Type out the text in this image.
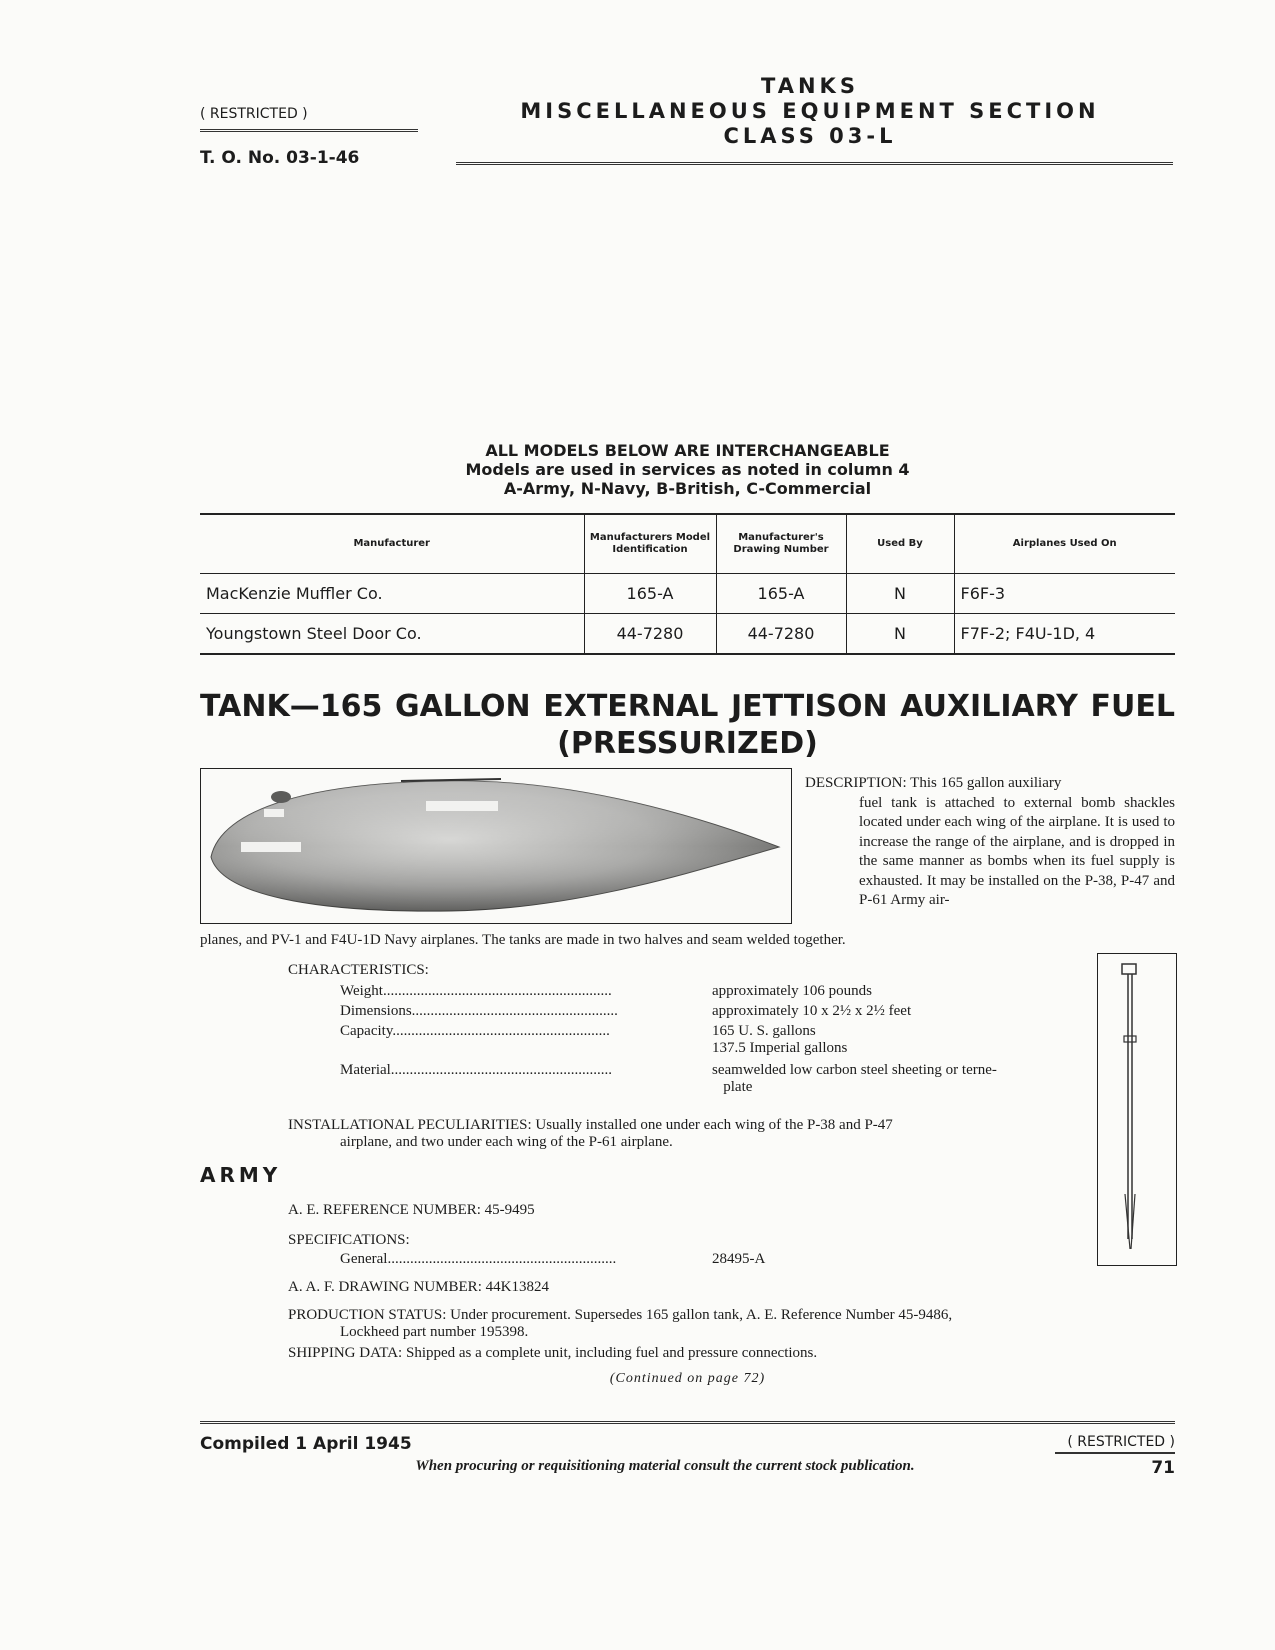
( RESTRICTED )
T. O. No. 03-1-46
TANKS
MISCELLANEOUS EQUIPMENT SECTION
CLASS 03-L
ALL MODELS BELOW ARE INTERCHANGEABLE
Models are used in services as noted in column 4
A-Army, N-Navy, B-British, C-Commercial
Manufacturer	Manufacturers Model Identification	Manufacturer's Drawing Number	Used By	Airplanes Used On
MacKenzie Muffler Co.	165-A	165-A	N	F6F-3
Youngstown Steel Door Co.	44-7280	44-7280	N	F7F-2; F4U-1D, 4
TANK—165 GALLON EXTERNAL JETTISON AUXILIARY FUEL
(PRESSURIZED)
DESCRIPTION: This 165 gallon auxiliary
fuel tank is attached to external bomb shackles located under each wing of the airplane. It is used to increase the range of the airplane, and is dropped in the same manner as bombs when its fuel supply is exhausted. It may be installed on the P-38, P-47 and P-61 Army air-
planes, and PV-1 and F4U-1D Navy airplanes. The tanks are made in two halves and seam welded together.
CHARACTERISTICS:
Weight.............................................................	approximately 106 pounds
Dimensions.......................................................	approximately 10 x 2½ x 2½ feet
Capacity..........................................................	165 U. S. gallons
137.5 Imperial gallons
Material...........................................................	seamwelded low carbon steel sheeting or terne-
plate
INSTALLATIONAL PECULIARITIES: Usually installed one under each wing of the P-38 and P-47
airplane, and two under each wing of the P-61 airplane.
ARMY
A. E. REFERENCE NUMBER: 45-9495
SPECIFICATIONS:
General.............................................................	28495-A
A. A. F. DRAWING NUMBER: 44K13824
PRODUCTION STATUS: Under procurement. Supersedes 165 gallon tank, A. E. Reference Number 45-9486,
Lockheed part number 195398.
SHIPPING DATA: Shipped as a complete unit, including fuel and pressure connections.
(Continued on page 72)
Compiled 1 April 1945	( RESTRICTED )
When procuring or requisitioning material consult the current stock publication.	71
